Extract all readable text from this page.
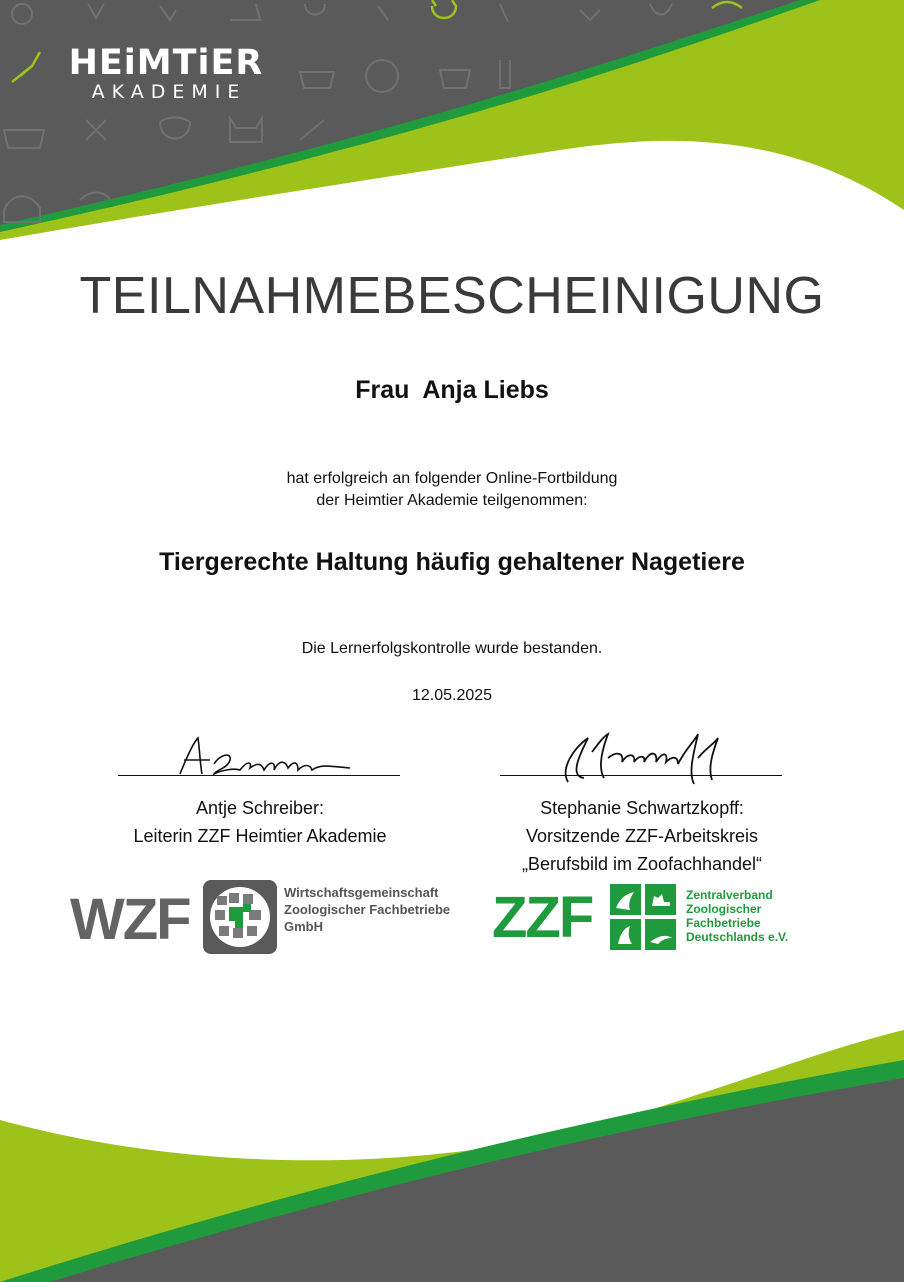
HEiMTiER
AKADEMIE
TEILNAHMEBESCHEINIGUNG
Frau  Anja Liebs
hat erfolgreich an folgender Online-Fortbildung
der Heimtier Akademie teilgenommen:
Tiergerechte Haltung häufig gehaltener Nagetiere
Die Lernerfolgskontrolle wurde bestanden.
12.05.2025
Antje Schreiber:
Leiterin ZZF Heimtier Akademie
Stephanie Schwartzkopff:
Vorsitzende ZZF-Arbeitskreis
„Berufsbild im Zoofachhandel“
WZF	Wirtschaftsgemeinschaft
Zoologischer Fachbetriebe
GmbH	ZZF	Zentralverband
Zoologischer
Fachbetriebe
Deutschlands e.V.
